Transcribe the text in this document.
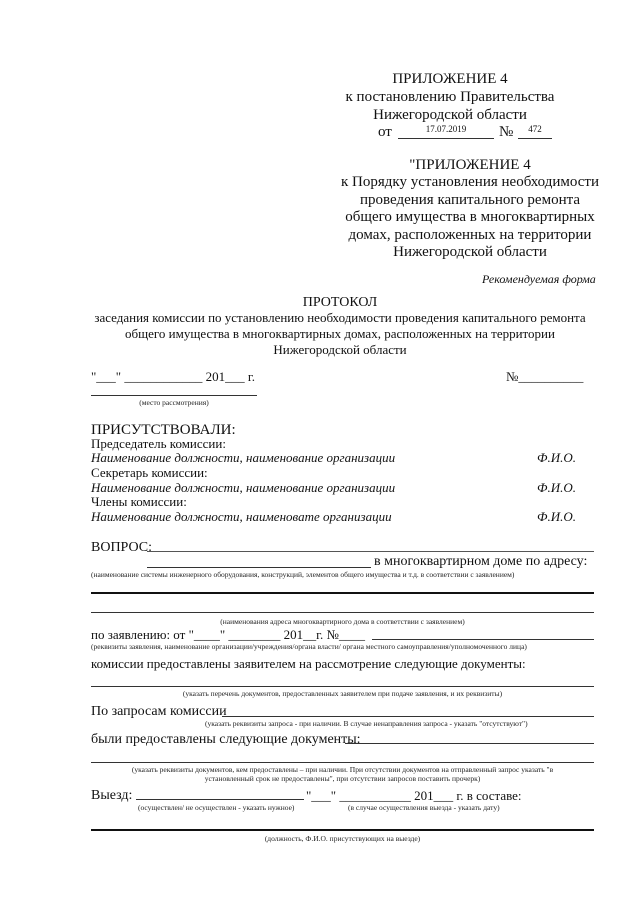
ПРИЛОЖЕНИЕ 4
к постановлению Правительства
Нижегородской области
от	17.07.2019	№	472
"ПРИЛОЖЕНИЕ 4
к Порядку установления необходимости
проведения капитального ремонта
общего имущества в многоквартирных
домах, расположенных на территории
Нижегородской области
Рекомендуемая форма
ПРОТОКОЛ
заседания комиссии по установлению необходимости проведения капитального ремонта
общего имущества в многоквартирных домах, расположенных на территории
Нижегородской области
"___" ____________ 201___ г.	№__________
(место рассмотрения)
ПРИСУТСТВОВАЛИ:
Председатель комиссии:
Наименование должности, наименование организации	Ф.И.О.
Секретарь комиссии:
Наименование должности, наименование организации	Ф.И.О.
Члены комиссии:
Наименование должности, наименовате организации	Ф.И.О.
ВОПРОС:
в многоквартирном доме по адресу:
(наименование системы инженерного оборудования, конструкций, элементов общего имущества и т.д. в соответствии с заявлением)
(наименования адреса многоквартирного дома в соответствии с заявлением)
по заявлению: от "____" ________ 201__г. №____
(реквизиты заявления, наименование организации/учреждения/органа власти/ органа местного самоуправления/уполномоченного лица)
комиссии предоставлены заявителем на рассмотрение следующие документы:
(указать перечень документов, предоставленных заявителем при подаче заявления, и их реквизиты)
По запросам комиссии
(указать реквизиты запроса - при наличии. В случае ненаправления запроса - указать "отсутствуют")
были предоставлены следующие документы:
(указать реквизиты документов, кем предоставлены – при наличии. При отсутствии документов на отправленный запрос указать "в
установленный срок не предоставлены", при отсутствии запросов поставить прочерк)
Выезд:	"___" ___________ 201___ г. в составе:
(осуществлен/ не осуществлен - указать нужное)	(в случае осуществления выезда - указать дату)
(должность, Ф.И.О. присутствующих на выезде)
